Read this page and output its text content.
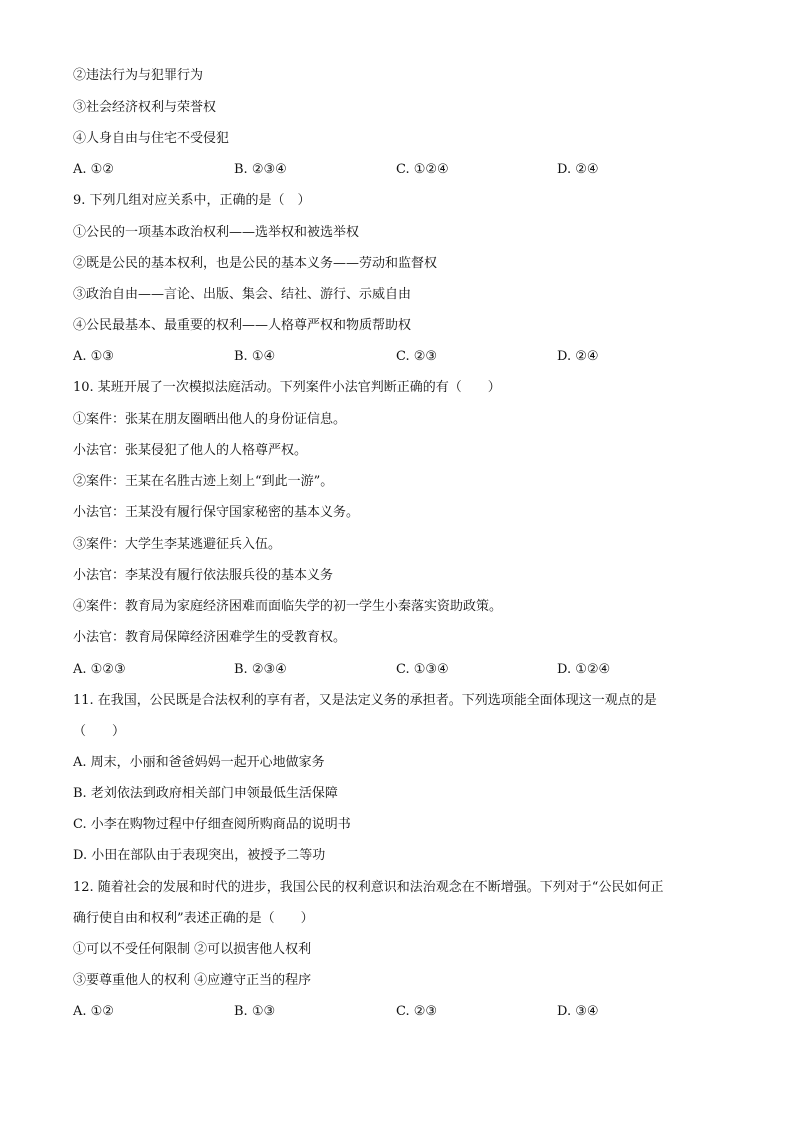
②违法行为与犯罪行为
③社会经济权利与荣誉权
④人身自由与住宅不受侵犯
A. ①②	B. ②③④	C. ①②④	D. ②④
9. 下列几组对应关系中，正确的是（　）
①公民的一项基本政治权利——选举权和被选举权
②既是公民的基本权利，也是公民的基本义务——劳动和监督权
③政治自由——言论、出版、集会、结社、游行、示威自由
④公民最基本、最重要的权利——人格尊严权和物质帮助权
A. ①③	B. ①④	C. ②③	D. ②④
10. 某班开展了一次模拟法庭活动。下列案件小法官判断正确的有（　　）
①案件：张某在朋友圈晒出他人的身份证信息。
小法官：张某侵犯了他人的人格尊严权。
②案件：王某在名胜古迹上刻上“到此一游”。
小法官：王某没有履行保守国家秘密的基本义务。
③案件：大学生李某逃避征兵入伍。
小法官：李某没有履行依法服兵役的基本义务
④案件：教育局为家庭经济困难而面临失学的初一学生小秦落实资助政策。
小法官：教育局保障经济困难学生的受教育权。
A. ①②③	B. ②③④	C. ①③④	D. ①②④
11. 在我国，公民既是合法权利的享有者，又是法定义务的承担者。下列选项能全面体现这一观点的是
（　　）
A. 周末，小丽和爸爸妈妈一起开心地做家务
B. 老刘依法到政府相关部门申领最低生活保障
C. 小李在购物过程中仔细查阅所购商品的说明书
D. 小田在部队由于表现突出，被授予二等功
12. 随着社会的发展和时代的进步，我国公民的权利意识和法治观念在不断增强。下列对于“公民如何正
确行使自由和权利”表述正确的是（　　）
①可以不受任何限制 ②可以损害他人权利
③要尊重他人的权利 ④应遵守正当的程序
A. ①②	B. ①③	C. ②③	D. ③④
